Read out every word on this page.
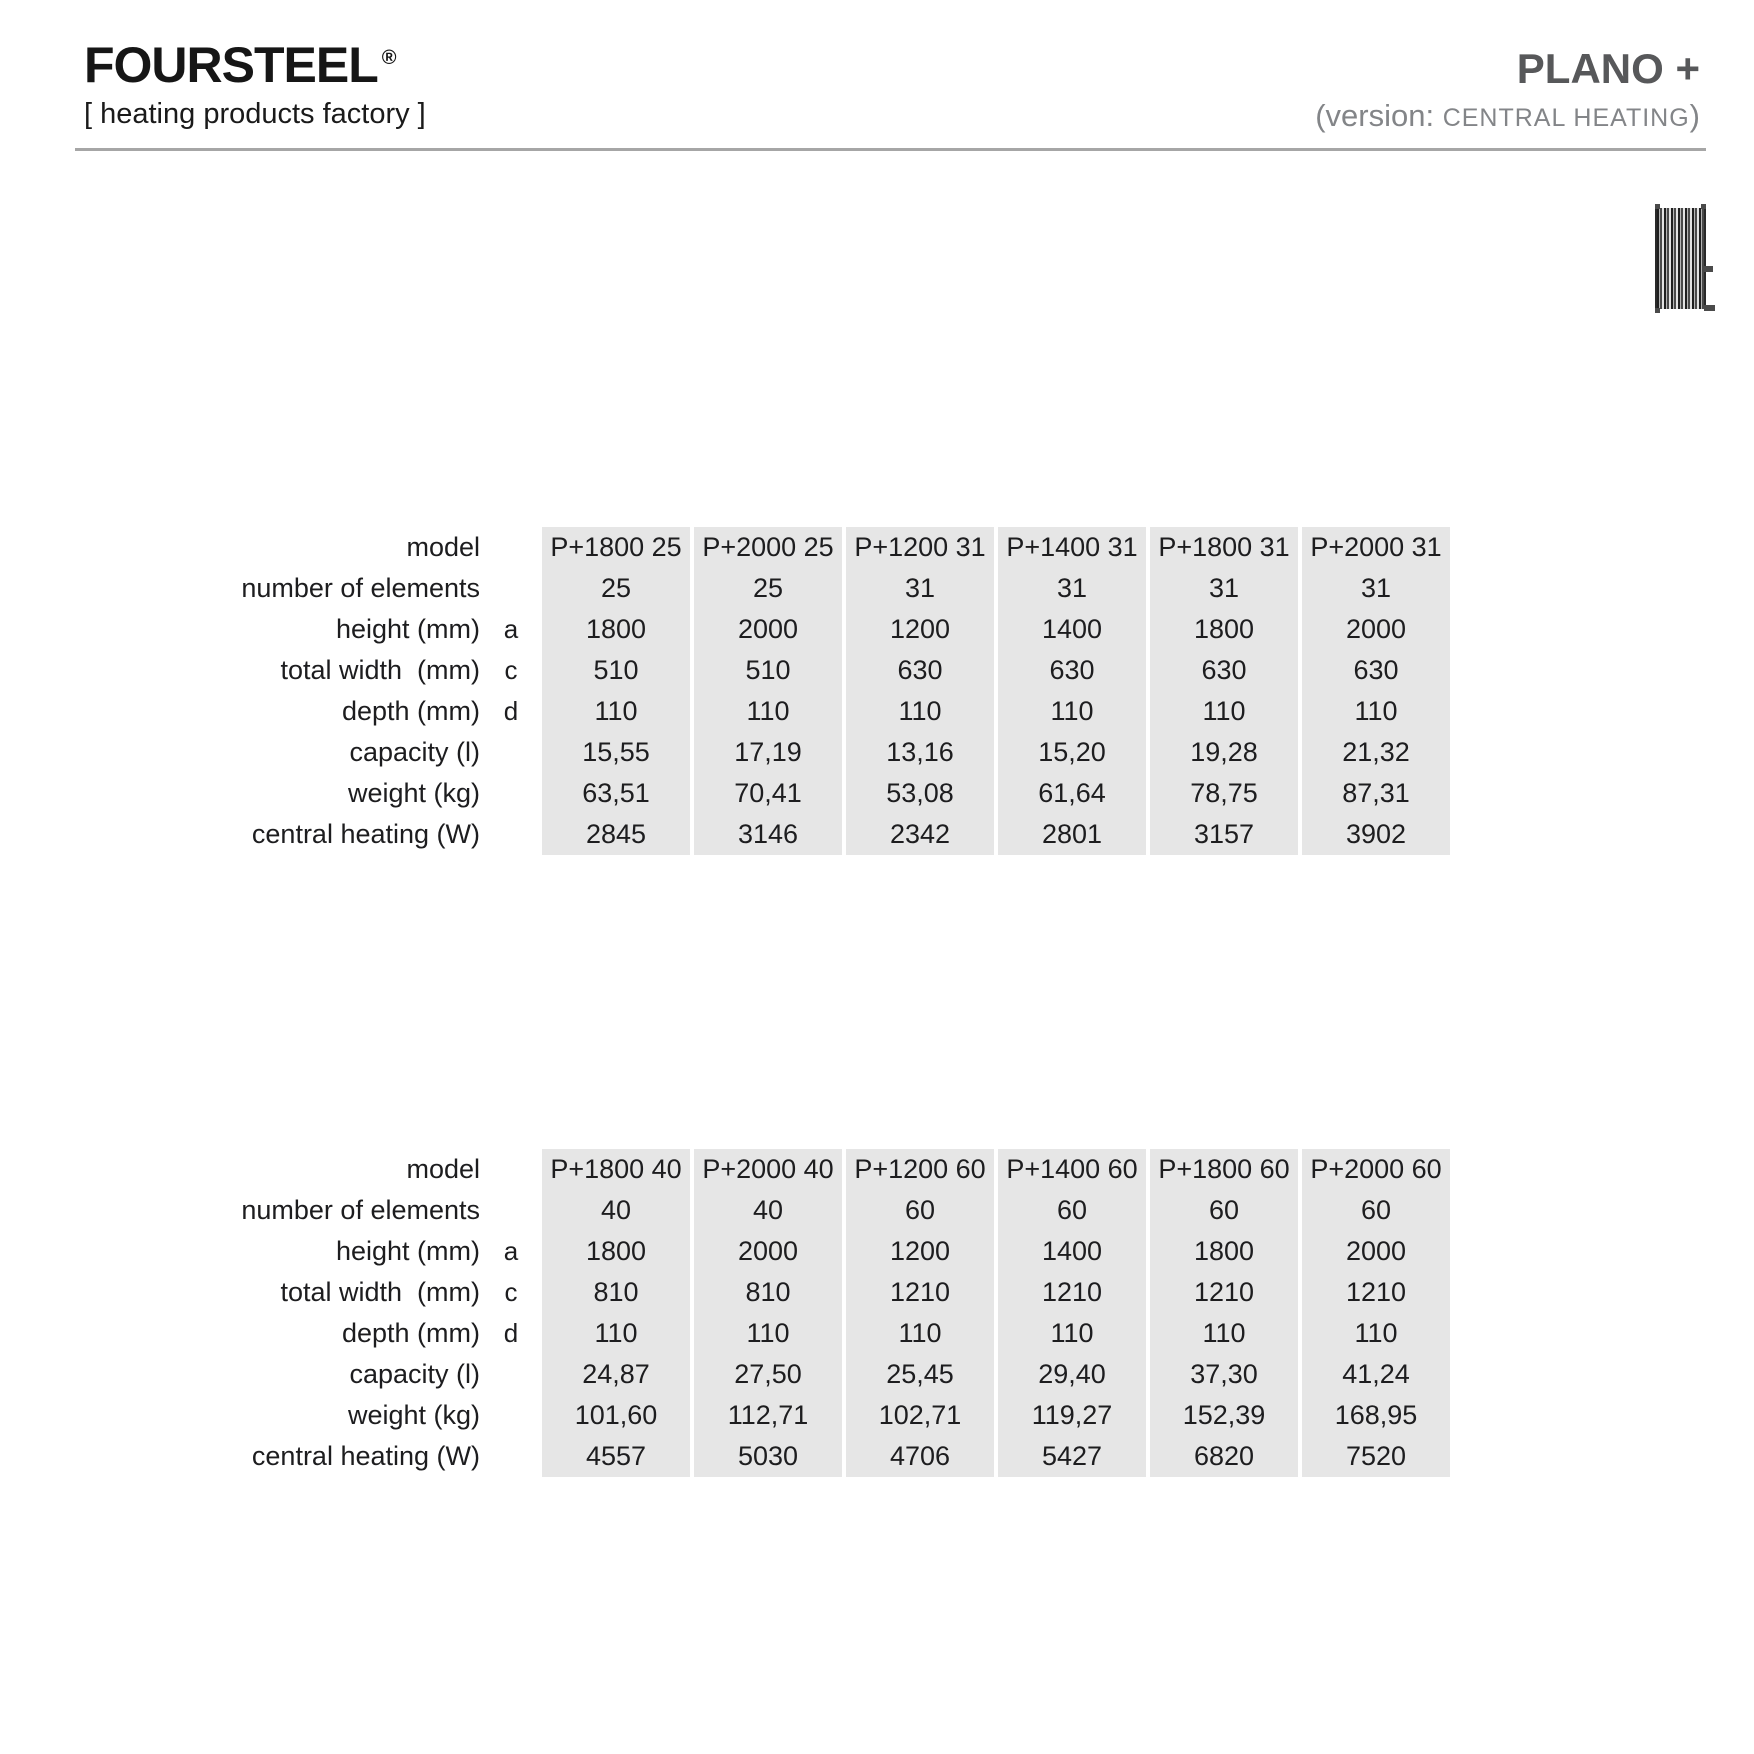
FOURSTEEL ®
[ heating products factory ]
PLANO +
(version: CENTRAL HEATING)
model
number of elements
height (mm) a
total width  (mm) c
depth (mm) d
capacity (l)
weight (kg)
central heating (W)
P+1800 25
25
1800
510
110
15,55
63,51
2845
P+2000 25
25
2000
510
110
17,19
70,41
3146
P+1200 31
31
1200
630
110
13,16
53,08
2342
P+1400 31
31
1400
630
110
15,20
61,64
2801
P+1800 31
31
1800
630
110
19,28
78,75
3157
P+2000 31
31
2000
630
110
21,32
87,31
3902
model
number of elements
height (mm) a
total width  (mm) c
depth (mm) d
capacity (l)
weight (kg)
central heating (W)
P+1800 40
40
1800
810
110
24,87
101,60
4557
P+2000 40
40
2000
810
110
27,50
112,71
5030
P+1200 60
60
1200
1210
110
25,45
102,71
4706
P+1400 60
60
1400
1210
110
29,40
119,27
5427
P+1800 60
60
1800
1210
110
37,30
152,39
6820
P+2000 60
60
2000
1210
110
41,24
168,95
7520
